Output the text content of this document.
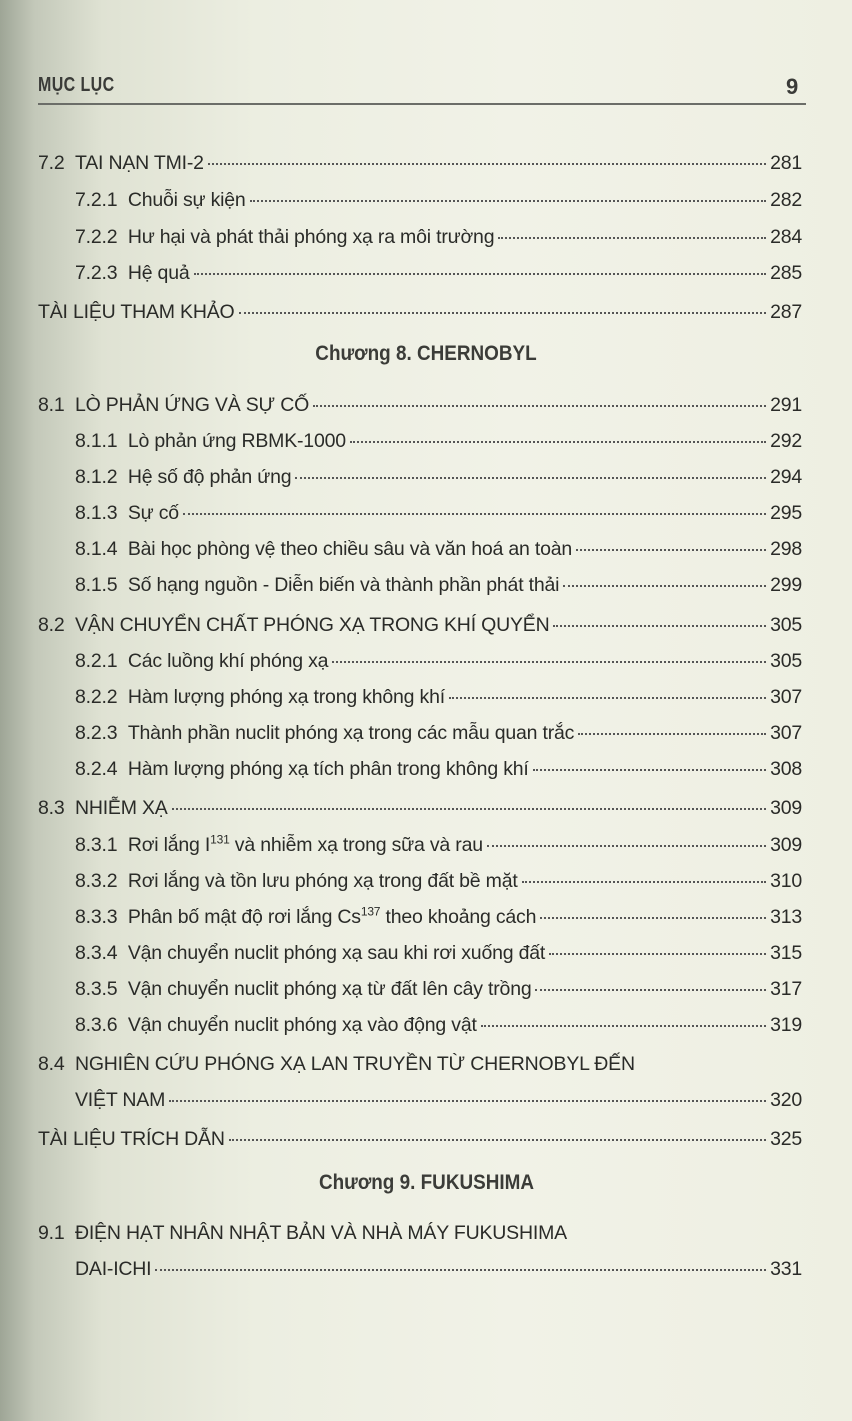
MỤC LỤC	9
7.2 TAI NẠN TMI-2	281
7.2.1 Chuỗi sự kiện	282
7.2.2 Hư hại và phát thải phóng xạ ra môi trường	284
7.2.3 Hệ quả	285
TÀI LIỆU THAM KHẢO	287
Chương 8. CHERNOBYL
8.1 LÒ PHẢN ỨNG VÀ SỰ CỐ	291
8.1.1 Lò phản ứng RBMK-1000	292
8.1.2 Hệ số độ phản ứng	294
8.1.3 Sự cố	295
8.1.4 Bài học phòng vệ theo chiều sâu và văn hoá an toàn	298
8.1.5 Số hạng nguồn - Diễn biến và thành phần phát thải	299
8.2 VẬN CHUYỂN CHẤT PHÓNG XẠ TRONG KHÍ QUYỂN	305
8.2.1 Các luồng khí phóng xạ	305
8.2.2 Hàm lượng phóng xạ trong không khí	307
8.2.3 Thành phần nuclit phóng xạ trong các mẫu quan trắc	307
8.2.4 Hàm lượng phóng xạ tích phân trong không khí	308
8.3 NHIỄM XẠ	309
8.3.1 Rơi lắng $I^{131}$ và nhiễm xạ trong sữa và rau	309
8.3.2 Rơi lắng và tồn lưu phóng xạ trong đất bề mặt	310
8.3.3 Phân bố mật độ rơi lắng Cs$^{137}$ theo khoảng cách	313
8.3.4 Vận chuyển nuclit phóng xạ sau khi rơi xuống đất	315
8.3.5 Vận chuyển nuclit phóng xạ từ đất lên cây trồng	317
8.3.6 Vận chuyển nuclit phóng xạ vào động vật	319
8.4 NGHIÊN CỨU PHÓNG XẠ LAN TRUYỀN TỪ CHERNOBYL ĐẾN
VIỆT NAM	320
TÀI LIỆU TRÍCH DẪN	325
Chương 9. FUKUSHIMA
9.1 ĐIỆN HẠT NHÂN NHẬT BẢN VÀ NHÀ MÁY FUKUSHIMA
DAI-ICHI	331
